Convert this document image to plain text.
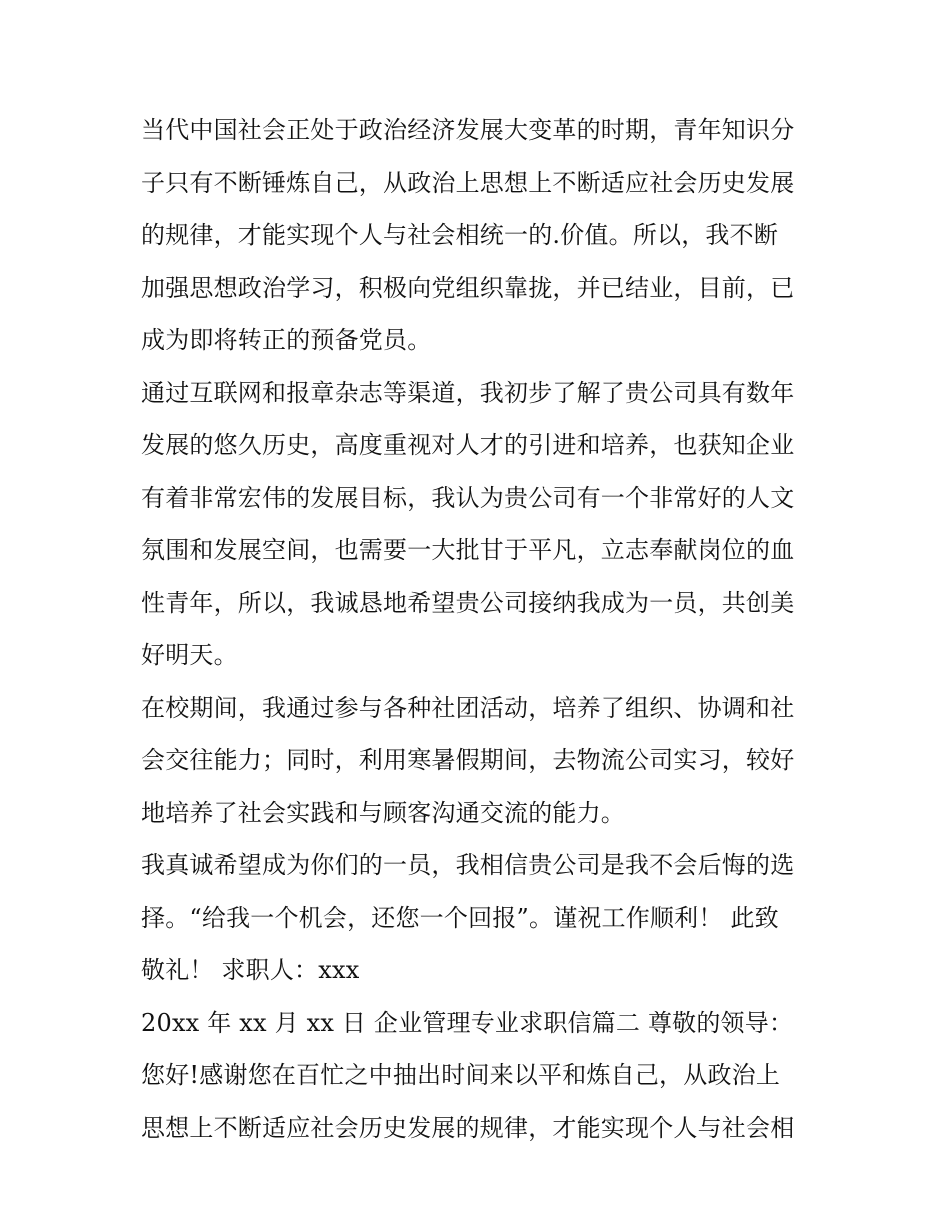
当代中国社会正处于政治经济发展大变革的时期，青年知识分
子只有不断锤炼自己，从政治上思想上不断适应社会历史发展
的规律，才能实现个人与社会相统一的.价值。所以，我不断
加强思想政治学习，积极向党组织靠拢，并已结业，目前，已
成为即将转正的预备党员。
通过互联网和报章杂志等渠道，我初步了解了贵公司具有数年
发展的悠久历史，高度重视对人才的引进和培养，也获知企业
有着非常宏伟的发展目标，我认为贵公司有一个非常好的人文
氛围和发展空间，也需要一大批甘于平凡，立志奉献岗位的血
性青年，所以，我诚恳地希望贵公司接纳我成为一员，共创美
好明天。
在校期间，我通过参与各种社团活动，培养了组织、协调和社
会交往能力；同时，利用寒暑假期间，去物流公司实习，较好
地培养了社会实践和与顾客沟通交流的能力。
我真诚希望成为你们的一员，我相信贵公司是我不会后悔的选
择。“给我一个机会，还您一个回报”。谨祝工作顺利！ 此致
敬礼！ 求职人：xxx
20xx 年 xx 月 xx 日 企业管理专业求职信篇二 尊敬的领导：
您好!感谢您在百忙之中抽出时间来以平和炼自己，从政治上
思想上不断适应社会历史发展的规律，才能实现个人与社会相
